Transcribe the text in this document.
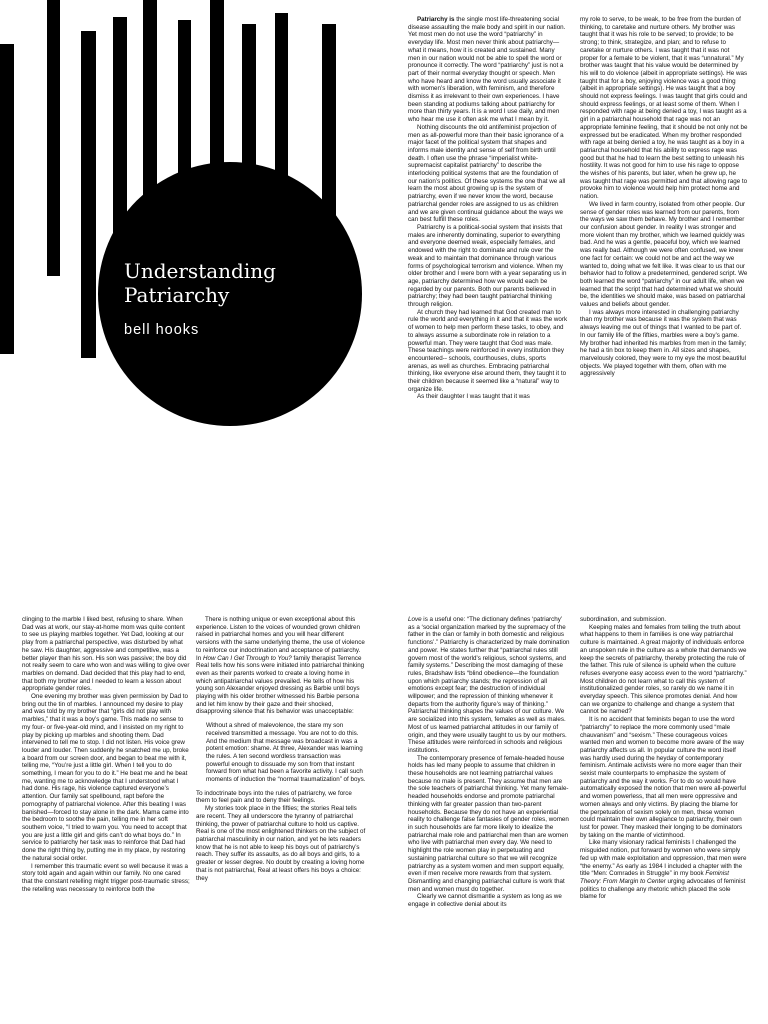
Understanding
Patriarchy
bell hooks

Patriarchy is the single most life-threatening social disease assaulting the male body and spirit in our nation. Yet most men do not use the word “patriarchy” in everyday life. Most men never think about patriarchy—what it means, how it is created and sustained. Many men in our nation would not be able to spell the word or pronounce it correctly. The word “patriarchy” just is not a part of their normal everyday thought or speech. Men who have heard and know the word usually associate it with women’s liberation, with feminism, and therefore dismiss it as irrelevant to their own experiences. I have been standing at podiums talking about patriarchy for more than thirty years. It is a word I use daily, and men who hear me use it often ask me what I mean by it.

Nothing discounts the old antifeminist projection of men as all-powerful more than their basic ignorance of a major facet of the political system that shapes and informs male identity and sense of self from birth until death. I often use the phrase “imperialist white-supremacist capitalist patriarchy” to describe the interlocking political systems that are the foundation of our nation’s politics. Of these systems the one that we all learn the most about growing up is the system of patriarchy, even if we never know the word, because patriarchal gender roles are assigned to us as children and we are given continual guidance about the ways we can best fulfill these roles.

Patriarchy is a political-social system that insists that males are inherently dominating, superior to everything and everyone deemed weak, especially females, and endowed with the right to dominate and rule over the weak and to maintain that dominance through various forms of psychological terrorism and violence. When my older brother and I were born with a year separating us in age, patriarchy determined how we would each be regarded by our parents. Both our parents believed in patriarchy; they had been taught patriarchal thinking through religion.

At church they had learned that God created man to rule the world and everything in it and that it was the work of women to help men perform these tasks, to obey, and to always assume a subordinate role in relation to a powerful man. They were taught that God was male. These teachings were reinforced in every institution they encountered-- schools, courthouses, clubs, sports arenas, as well as churches. Embracing patriarchal thinking, like everyone else around them, they taught it to their children because it seemed like a “natural” way to organize life.

As their daughter I was taught that it was

my role to serve, to be weak, to be free from the burden of thinking, to caretake and nurture others. My brother was taught that it was his role to be served; to provide; to be strong; to think, strategize, and plan; and to refuse to caretake or nurture others. I was taught that it was not proper for a female to be violent, that it was “unnatural.” My brother was taught that his value would be determined by his will to do violence (albeit in appropriate settings). He was taught that for a boy, enjoying violence was a good thing (albeit in appropriate settings). He was taught that a boy should not express feelings. I was taught that girls could and should express feelings, or at least some of them. When I responded with rage at being denied a toy, I was taught as a girl in a patriarchal household that rage was not an appropriate feminine feeling, that it should be not only not be expressed but be eradicated. When my brother responded with rage at being denied a toy, he was taught as a boy in a patriarchal household that his ability to express rage was good but that he had to learn the best setting to unleash his hostility. It was not good for him to use his rage to oppose the wishes of his parents, but later, when he grew up, he was taught that rage was permitted and that allowing rage to provoke him to violence would help him protect home and nation.

We lived in farm country, isolated from other people. Our sense of gender roles was learned from our parents, from the ways we saw them behave. My brother and I remember our confusion about gender. In reality I was stronger and more violent than my brother, which we learned quickly was bad. And he was a gentle, peaceful boy, which we learned was really bad. Although we were often confused, we knew one fact for certain: we could not be and act the way we wanted to, doing what we felt like. It was clear to us that our behavior had to follow a predetermined, gendered script. We both learned the word “patriarchy” in our adult life, when we learned that the script that had determined what we should be, the identities we should make, was based on patriarchal values and beliefs about gender.

I was always more interested in challenging patriarchy than my brother was because it was the system that was always leaving me out of things that I wanted to be part of. In our family life of the fifties, marbles were a boy’s game. My brother had inherited his marbles from men in the family; he had a tin box to keep them in. All sizes and shapes, marvelously colored, they were to my eye the most beautiful objects. We played together with them, often with me aggressively

clinging to the marble I liked best, refusing to share. When Dad was at work, our stay-at-home mom was quite content to see us playing marbles together. Yet Dad, looking at our play from a patriarchal perspective, was disturbed by what he saw. His daughter, aggressive and competitive, was a better player than his son. His son was passive; the boy did not really seem to care who won and was willing to give over marbles on demand. Dad decided that this play had to end, that both my brother and I needed to learn a lesson about appropriate gender roles.

One evening my brother was given permission by Dad to bring out the tin of marbles. I announced my desire to play and was told by my brother that “girls did not play with marbles,” that it was a boy’s game. This made no sense to my four- or five-year-old mind, and I insisted on my right to play by picking up marbles and shooting them. Dad intervened to tell me to stop. I did not listen. His voice grew louder and louder. Then suddenly he snatched me up, broke a board from our screen door, and began to beat me with it, telling me, “You’re just a little girl. When I tell you to do something, I mean for you to do it.” He beat me and he beat me, wanting me to acknowledge that I understood what I had done. His rage, his violence captured everyone’s attention. Our family sat spellbound, rapt before the pornography of patriarchal violence. After this beating I was banished—forced to stay alone in the dark. Mama came into the bedroom to soothe the pain, telling me in her soft southern voice, “I tried to warn you. You need to accept that you are just a little girl and girls can’t do what boys do.” In service to patriarchy her task was to reinforce that Dad had done the right thing by, putting me in my place, by restoring the natural social order.

I remember this traumatic event so well because it was a story told again and again within our family. No one cared that the constant retelling might trigger post-traumatic stress; the retelling was necessary to reinforce both the

There is nothing unique or even exceptional about this experience. Listen to the voices of wounded grown children raised in patriarchal homes and you will hear different versions with the same underlying theme, the use of violence to reinforce our indoctrination and acceptance of patriarchy. In How Can I Get Through to You? family therapist Terrence Real tells how his sons were initiated into patriarchal thinking even as their parents worked to create a loving home in which antipatriarchal values prevailed. He tells of how his young son Alexander enjoyed dressing as Barbie until boys playing with his older brother witnessed his Barbie persona and let him know by their gaze and their shocked, disapproving silence that his behavior was unacceptable:

Without a shred of malevolence, the stare my son received transmitted a message. You are not to do this. And the medium that message was broadcast in was a potent emotion: shame. At three, Alexander was learning the rules. A ten second wordless transaction was powerful enough to dissuade my son from that instant forward from what had been a favorite activity. I call such moments of induction the “normal traumatization” of boys.

To indoctrinate boys into the rules of patriarchy, we force them to feel pain and to deny their feelings.

My stories took place in the fifties; the stories Real tells are recent. They all underscore the tyranny of patriarchal thinking, the power of patriarchal culture to hold us captive. Real is one of the most enlightened thinkers on the subject of patriarchal masculinity in our nation, and yet he lets readers know that he is not able to keep his boys out of patriarchy’s reach. They suffer its assaults, as do all boys and girls, to a greater or lesser degree. No doubt by creating a loving home that is not patriarchal, Real at least offers his boys a choice: they

Love is a useful one: “The dictionary defines ‘patriarchy’ as a ‘social organization marked by the supremacy of the father in the clan or family in both domestic and religious functions’.” Patriarchy is characterized by male domination and power. He states further that “patriarchal rules still govern most of the world’s religious, school systems, and family systems.” Describing the most damaging of these rules, Bradshaw lists “blind obedience—the foundation upon which patriarchy stands; the repression of all emotions except fear; the destruction of individual willpower; and the repression of thinking whenever it departs from the authority figure’s way of thinking.” Patriarchal thinking shapes the values of our culture. We are socialized into this system, females as well as males. Most of us learned patriarchal attitudes in our family of origin, and they were usually taught to us by our mothers. These attitudes were reinforced in schools and religious institutions.

The contemporary presence of female-headed house holds has led many people to assume that children in these households are not learning patriarchal values because no male is present. They assume that men are the sole teachers of patriarchal thinking. Yet many female-headed households endorse and promote patriarchal thinking with far greater passion than two-parent households. Because they do not have an experiential reality to challenge false fantasies of gender roles, women in such households are far more likely to idealize the patriarchal male role and patriarchal men than are women who live with patriarchal men every day. We need to highlight the role women play in perpetuating and sustaining patriarchal culture so that we will recognize patriarchy as a system women and men support equally, even if men receive more rewards from that system. Dismantling and changing patriarchal culture is work that men and women must do together.

Clearly we cannot dismantle a system as long as we engage in collective denial about its

subordination, and submission.

Keeping males and females from telling the truth about what happens to them in families is one way patriarchal culture is maintained. A great majority of individuals enforce an unspoken rule in the culture as a whole that demands we keep the secrets of patriarchy, thereby protecting the rule of the father. This rule of silence is upheld when the culture refuses everyone easy access even to the word “patriarchy.” Most children do not learn what to call this system of institutionalized gender roles, so rarely do we name it in everyday speech. This silence promotes denial. And how can we organize to challenge and change a system that cannot be named?

It is no accident that feminists began to use the word “patriarchy” to replace the more commonly used “male chauvanism” and “sexism.” These courageous voices wanted men and women to become more aware of the way patriarchy affects us all. In popular culture the word itself was hardly used during the heyday of contemporary feminism. Antimale activists were no more eager than their sexist male counterparts to emphasize the system of patriarchy and the way it works. For to do so would have automatically exposed the notion that men were all-powerful and women powerless, that all men were oppressive and women always and only victims. By placing the blame for the perpetuation of sexism solely on men, these women could maintain their own allegiance to patriarchy, their own lust for power. They masked their longing to be dominators by taking on the mantle of victimhood.

Like many visionary radical feminists I challenged the misguided notion, put forward by women who were simply fed up with male exploitation and oppression, that men were “the enemy.” As early as 1984 I included a chapter with the title “Men: Comrades in Struggle” in my book Feminist Theory: From Margin to Center urging advocates of feminist politics to challenge any rhetoric which placed the sole blame for
